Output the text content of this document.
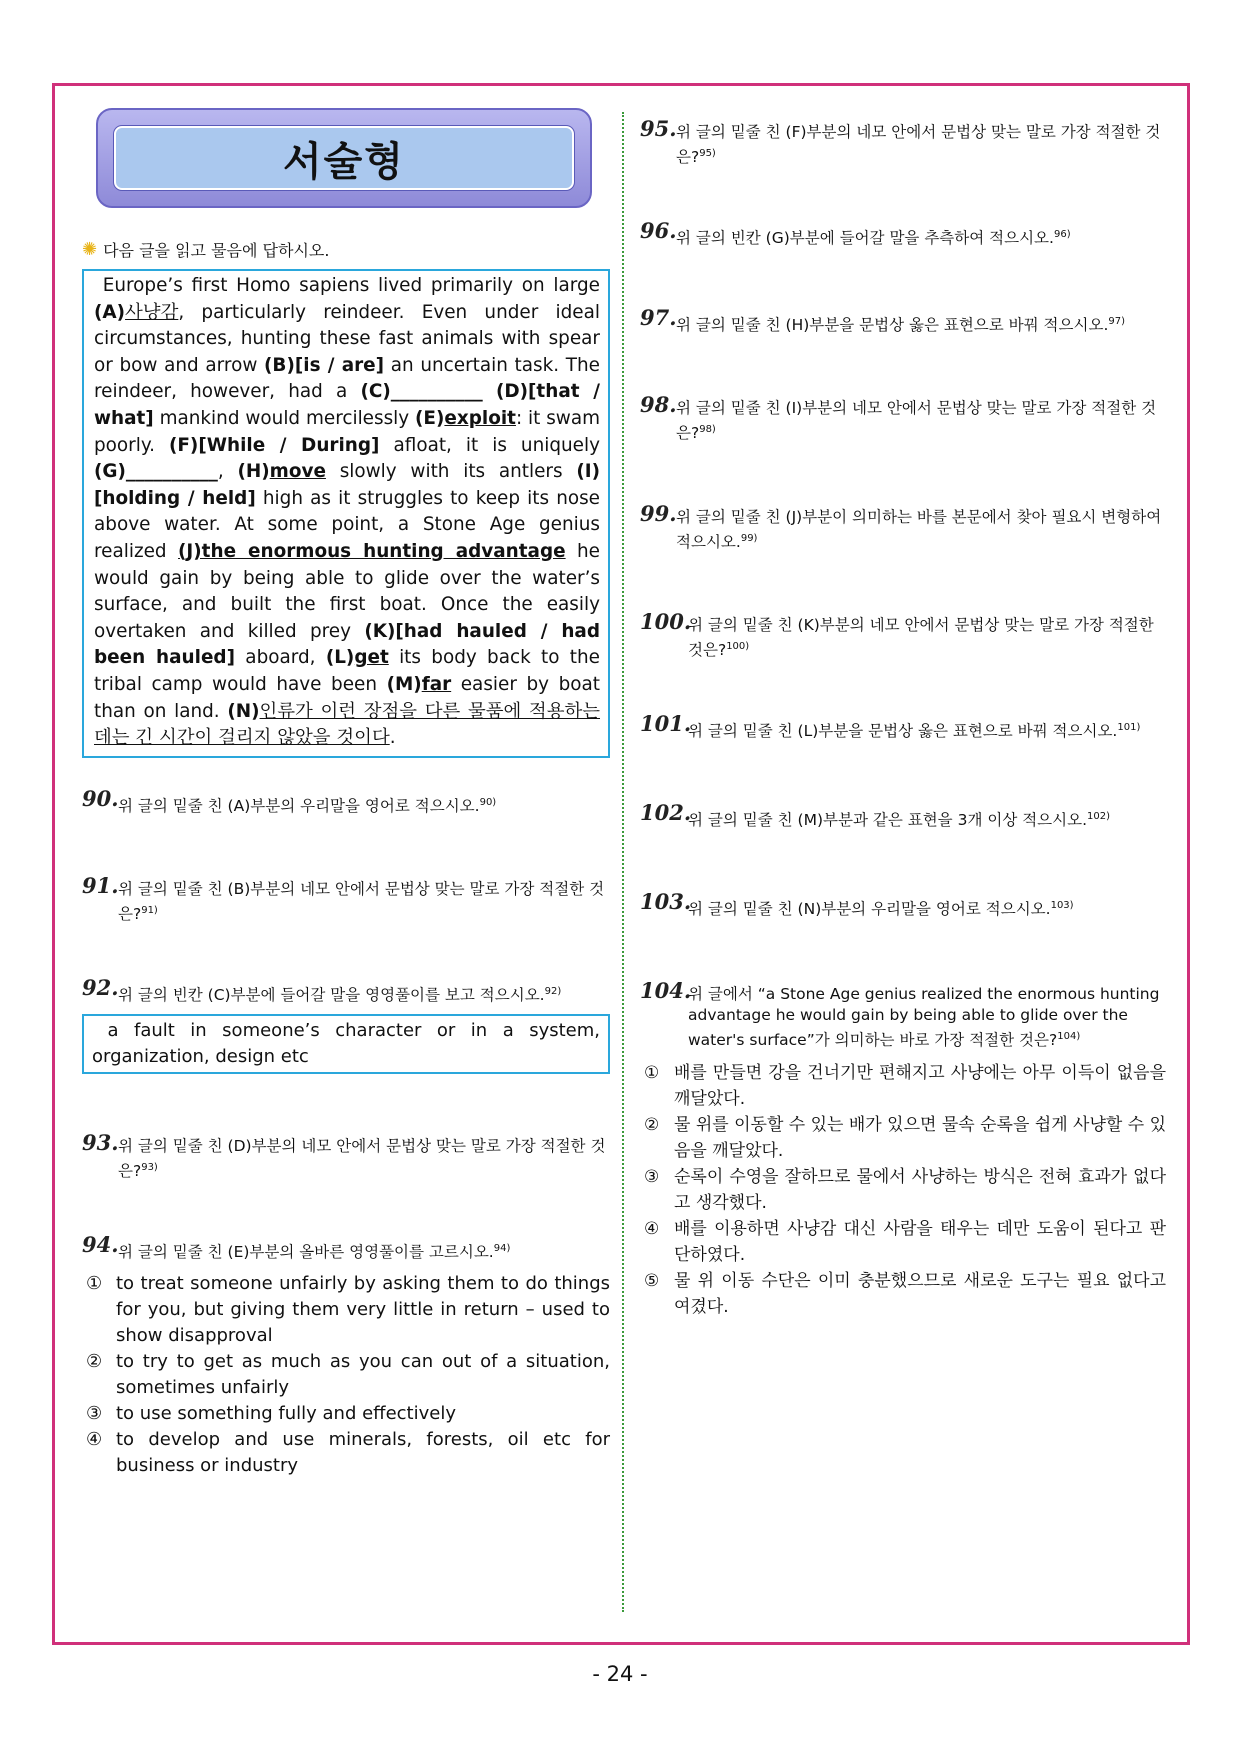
서술형
✺ 다음 글을 읽고 물음에 답하시오.
Europe’s first Homo sapiens lived primarily on large (A)사냥감, particularly reindeer. Even under ideal circumstances, hunting these fast animals with spear or bow and arrow (B)[is / are] an uncertain task. The reindeer, however, had a (C)__________ (D)[that / what] mankind would mercilessly (E)exploit: it swam poorly. (F)[While / During] afloat, it is uniquely (G)__________, (H)move slowly with its antlers (I)[holding / held] high as it struggles to keep its nose above water. At some point, a Stone Age genius realized (J)the enormous hunting advantage he would gain by being able to glide over the water’s surface, and built the first boat. Once the easily overtaken and killed prey (K)[had hauled / had been hauled] aboard, (L)get its body back to the tribal camp would have been (M)far easier by boat than on land. (N)인류가 이런 장점을 다른 물품에 적용하는 데는 긴 시간이 걸리지 않았을 것이다.
90. 위 글의 밑줄 친 (A)부분의 우리말을 영어로 적으시오.$^{90)}$
91. 위 글의 밑줄 친 (B)부분의 네모 안에서 문법상 맞는 말로 가장 적절한 것은?$^{91)}$
92. 위 글의 빈칸 (C)부분에 들어갈 말을 영영풀이를 보고 적으시오.$^{92)}$
a fault in someone’s character or in a system, organization, design etc
93. 위 글의 밑줄 친 (D)부분의 네모 안에서 문법상 맞는 말로 가장 적절한 것은?$^{93)}$
94. 위 글의 밑줄 친 (E)부분의 올바른 영영풀이를 고르시오.$^{94)}$
① to treat someone unfairly by asking them to do things for you, but giving them very little in return – used to show disapproval
② to try to get as much as you can out of a situation, sometimes unfairly
③ to use something fully and effectively
④ to develop and use minerals, forests, oil etc for business or industry
95. 위 글의 밑줄 친 (F)부분의 네모 안에서 문법상 맞는 말로 가장 적절한 것은?$^{95)}$
96. 위 글의 빈칸 (G)부분에 들어갈 말을 추측하여 적으시오.$^{96)}$
97. 위 글의 밑줄 친 (H)부분을 문법상 옳은 표현으로 바꿔 적으시오.$^{97)}$
98. 위 글의 밑줄 친 (I)부분의 네모 안에서 문법상 맞는 말로 가장 적절한 것은?$^{98)}$
99. 위 글의 밑줄 친 (J)부분이 의미하는 바를 본문에서 찾아 필요시 변형하여 적으시오.$^{99)}$
100.
위 글의 밑줄 친 (K)부분의 네모 안에서 문법상 맞는 말로 가장 적절한 것은?$^{100)}$
101.
위 글의 밑줄 친 (L)부분을 문법상 옳은 표현으로 바꿔 적으시오.$^{101)}$
102.
위 글의 밑줄 친 (M)부분과 같은 표현을 3개 이상 적으시오.$^{102)}$
103.
위 글의 밑줄 친 (N)부분의 우리말을 영어로 적으시오.$^{103)}$
104.
위 글에서 “a Stone Age genius realized the enormous hunting advantage he would gain by being able to glide over the water's surface”가 의미하는 바로 가장 적절한 것은?$^{104)}$
① 배를 만들면 강을 건너기만 편해지고 사냥에는 아무 이득이 없음을 깨달았다.
② 물 위를 이동할 수 있는 배가 있으면 물속 순록을 쉽게 사냥할 수 있음을 깨달았다.
③ 순록이 수영을 잘하므로 물에서 사냥하는 방식은 전혀 효과가 없다고 생각했다.
④ 배를 이용하면 사냥감 대신 사람을 태우는 데만 도움이 된다고 판단하였다.
⑤ 물 위 이동 수단은 이미 충분했으므로 새로운 도구는 필요 없다고 여겼다.
- 24 -
